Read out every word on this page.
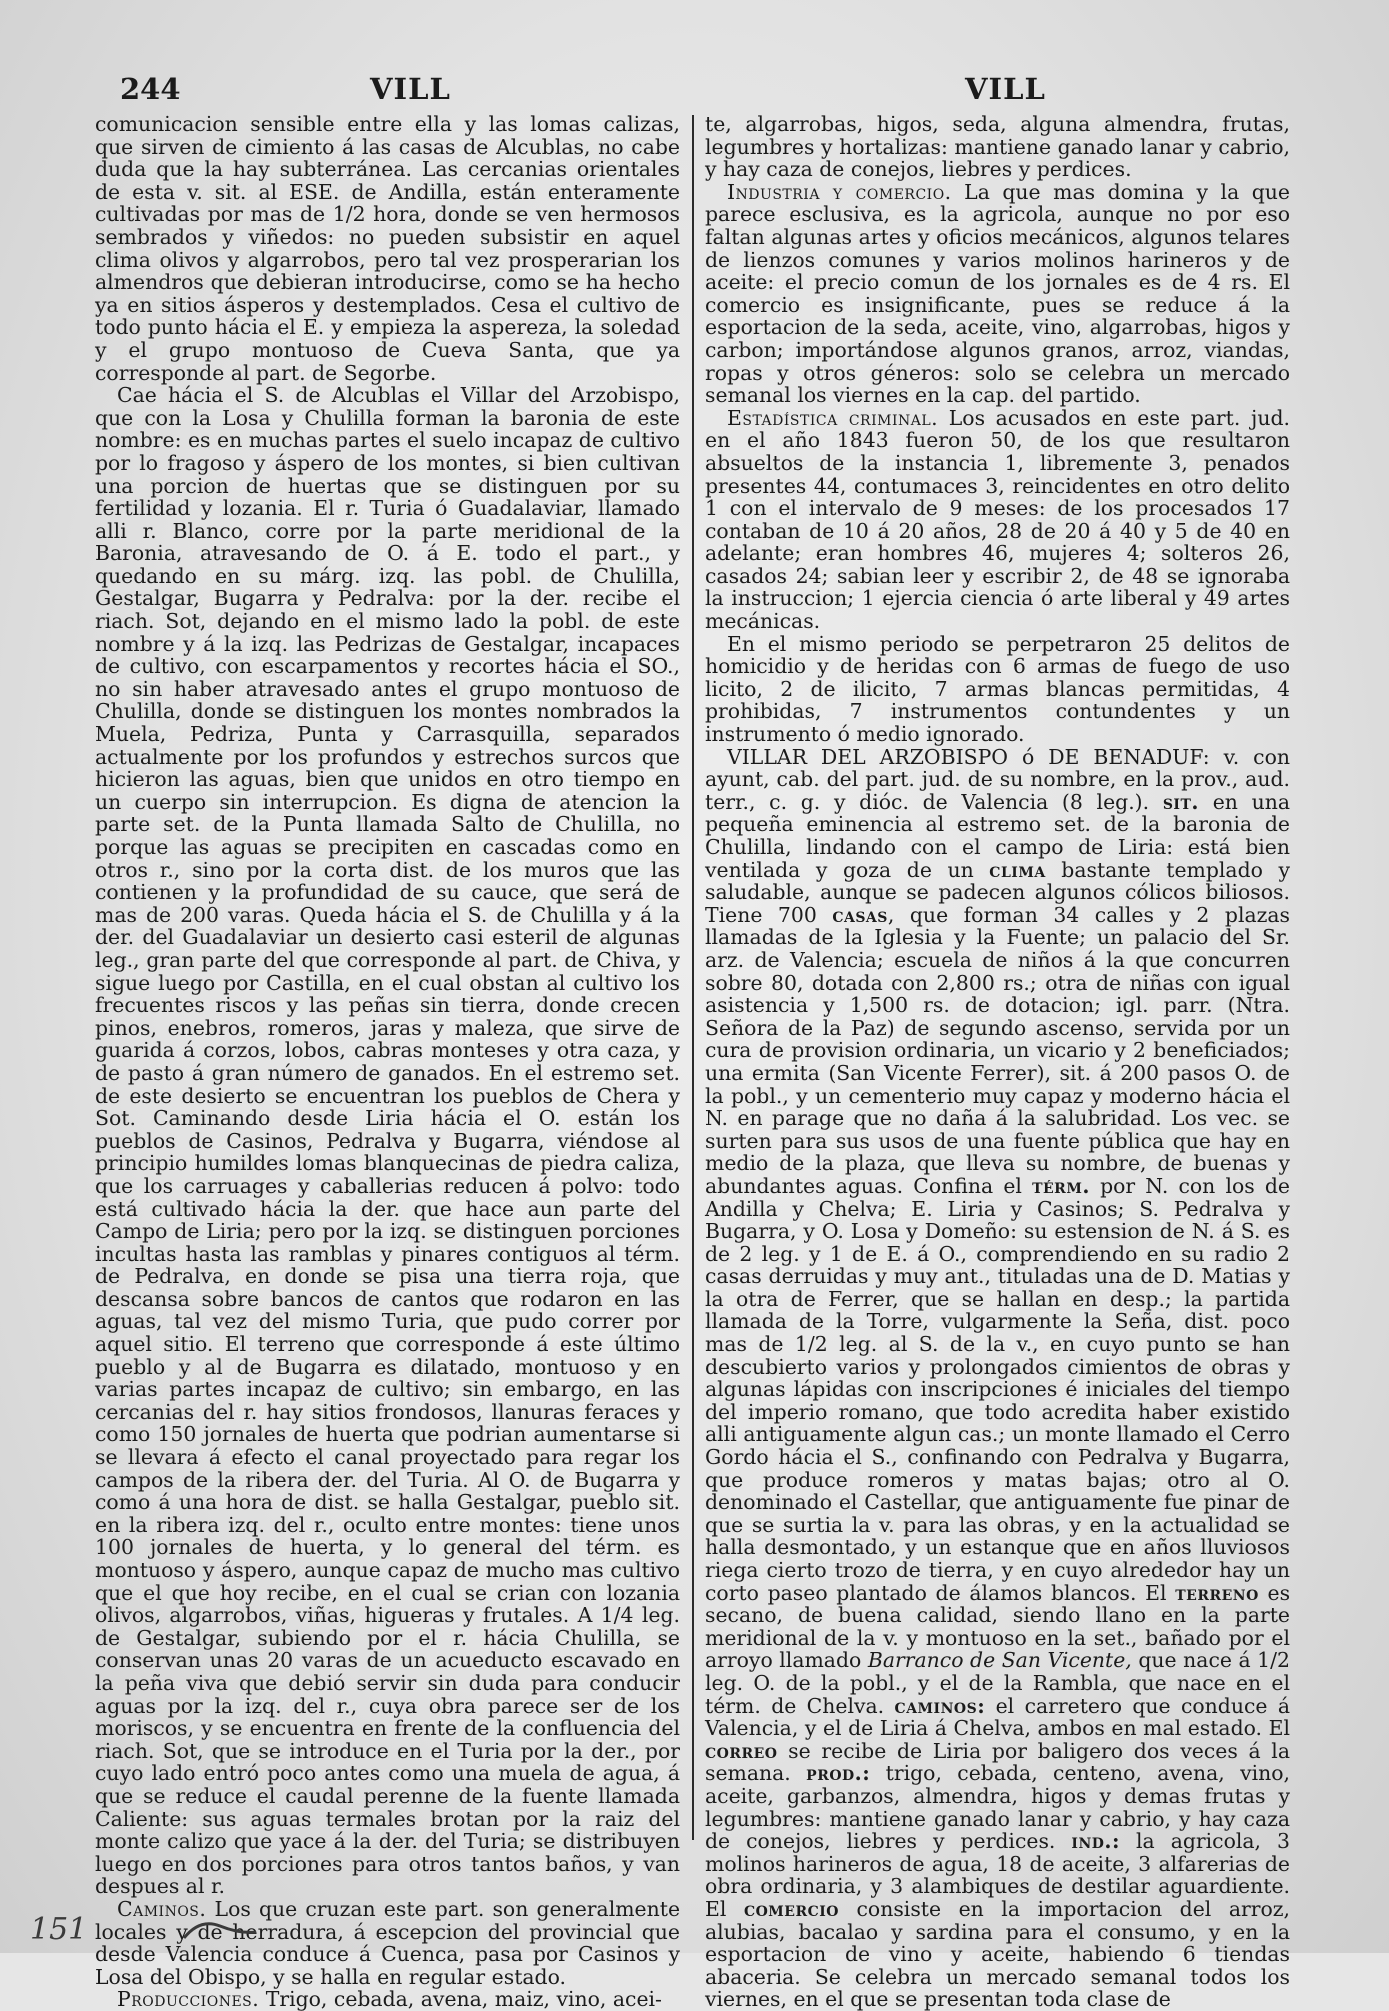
244	VILL	VILL

comunicacion sensible entre ella y las lomas calizas, que sirven de cimiento á las casas de Alcublas, no cabe duda que la hay subterránea. Las cercanias orientales de esta v. sit. al ESE. de Andilla, están enteramente cultivadas por mas de 1/2 hora, donde se ven hermosos sembrados y viñedos: no pueden subsistir en aquel clima olivos y algarrobos, pero tal vez prosperarian los almendros que debieran introducirse, como se ha hecho ya en sitios ásperos y destemplados. Cesa el cultivo de todo punto hácia el E. y empieza la aspereza, la soledad y el grupo montuoso de Cueva Santa, que ya corresponde al part. de Segorbe.

Cae hácia el S. de Alcublas el Villar del Arzobispo, que con la Losa y Chulilla forman la baronia de este nombre: es en muchas partes el suelo incapaz de cultivo por lo fragoso y áspero de los montes, si bien cultivan una porcion de huertas que se distinguen por su fertilidad y lozania. El r. Turia ó Guadalaviar, llamado alli r. Blanco, corre por la parte meridional de la Baronia, atravesando de O. á E. todo el part., y quedando en su márg. izq. las pobl. de Chulilla, Gestalgar, Bugarra y Pedralva: por la der. recibe el riach. Sot, dejando en el mismo lado la pobl. de este nombre y á la izq. las Pedrizas de Gestalgar, incapaces de cultivo, con escarpamentos y recortes hácia el SO., no sin haber atravesado antes el grupo montuoso de Chulilla, donde se distinguen los montes nombrados la Muela, Pedriza, Punta y Carrasquilla, separados actualmente por los profundos y estrechos surcos que hicieron las aguas, bien que unidos en otro tiempo en un cuerpo sin interrupcion. Es digna de atencion la parte set. de la Punta llamada Salto de Chulilla, no porque las aguas se precipiten en cascadas como en otros r., sino por la corta dist. de los muros que las contienen y la profundidad de su cauce, que será de mas de 200 varas. Queda hácia el S. de Chulilla y á la der. del Guadalaviar un desierto casi esteril de algunas leg., gran parte del que corresponde al part. de Chiva, y sigue luego por Castilla, en el cual obstan al cultivo los frecuentes riscos y las peñas sin tierra, donde crecen pinos, enebros, romeros, jaras y maleza, que sirve de guarida á corzos, lobos, cabras monteses y otra caza, y de pasto á gran número de ganados. En el estremo set. de este desierto se encuentran los pueblos de Chera y Sot. Caminando desde Liria hácia el O. están los pueblos de Casinos, Pedralva y Bugarra, viéndose al principio humildes lomas blanquecinas de piedra caliza, que los carruages y caballerias reducen á polvo: todo está cultivado hácia la der. que hace aun parte del Campo de Liria; pero por la izq. se distinguen porciones incultas hasta las ramblas y pinares contiguos al térm. de Pedralva, en donde se pisa una tierra roja, que descansa sobre bancos de cantos que rodaron en las aguas, tal vez del mismo Turia, que pudo correr por aquel sitio. El terreno que corresponde á este último pueblo y al de Bugarra es dilatado, montuoso y en varias partes incapaz de cultivo; sin embargo, en las cercanias del r. hay sitios frondosos, llanuras feraces y como 150 jornales de huerta que podrian aumentarse si se llevara á efecto el canal proyectado para regar los campos de la ribera der. del Turia. Al O. de Bugarra y como á una hora de dist. se halla Gestalgar, pueblo sit. en la ribera izq. del r., oculto entre montes: tiene unos 100 jornales de huerta, y lo general del térm. es montuoso y áspero, aunque capaz de mucho mas cultivo que el que hoy recibe, en el cual se crian con lozania olivos, algarrobos, viñas, higueras y frutales. A 1/4 leg. de Gestalgar, subiendo por el r. hácia Chulilla, se conservan unas 20 varas de un acueducto escavado en la peña viva que debió servir sin duda para conducir aguas por la izq. del r., cuya obra parece ser de los moriscos, y se encuentra en frente de la confluencia del riach. Sot, que se introduce en el Turia por la der., por cuyo lado entró poco antes como una muela de agua, á que se reduce el caudal perenne de la fuente llamada Caliente: sus aguas termales brotan por la raiz del monte calizo que yace á la der. del Turia; se distribuyen luego en dos porciones para otros tantos baños, y van despues al r.

Caminos. Los que cruzan este part. son generalmente locales y de herradura, á escepcion del provincial que desde Valencia conduce á Cuenca, pasa por Casinos y Losa del Obispo, y se halla en regular estado.

Producciones. Trigo, cebada, avena, maiz, vino, acei-

te, algarrobas, higos, seda, alguna almendra, frutas, legumbres y hortalizas: mantiene ganado lanar y cabrio, y hay caza de conejos, liebres y perdices.

Industria y comercio. La que mas domina y la que parece esclusiva, es la agricola, aunque no por eso faltan algunas artes y oficios mecánicos, algunos telares de lienzos comunes y varios molinos harineros y de aceite: el precio comun de los jornales es de 4 rs. El comercio es insignificante, pues se reduce á la esportacion de la seda, aceite, vino, algarrobas, higos y carbon; importándose algunos granos, arroz, viandas, ropas y otros géneros: solo se celebra un mercado semanal los viernes en la cap. del partido.

Estadística criminal. Los acusados en este part. jud. en el año 1843 fueron 50, de los que resultaron absueltos de la instancia 1, libremente 3, penados presentes 44, contumaces 3, reincidentes en otro delito 1 con el intervalo de 9 meses: de los procesados 17 contaban de 10 á 20 años, 28 de 20 á 40 y 5 de 40 en adelante; eran hombres 46, mujeres 4; solteros 26, casados 24; sabian leer y escribir 2, de 48 se ignoraba la instruccion; 1 ejercia ciencia ó arte liberal y 49 artes mecánicas.

En el mismo periodo se perpetraron 25 delitos de homicidio y de heridas con 6 armas de fuego de uso licito, 2 de ilicito, 7 armas blancas permitidas, 4 prohibidas, 7 instrumentos contundentes y un instrumento ó medio ignorado.

VILLAR DEL ARZOBISPO ó DE BENADUF: v. con ayunt, cab. del part. jud. de su nombre, en la prov., aud. terr., c. g. y dióc. de Valencia (8 leg.). sit. en una pequeña eminencia al estremo set. de la baronia de Chulilla, lindando con el campo de Liria: está bien ventilada y goza de un clima bastante templado y saludable, aunque se padecen algunos cólicos biliosos. Tiene 700 casas, que forman 34 calles y 2 plazas llamadas de la Iglesia y la Fuente; un palacio del Sr. arz. de Valencia; escuela de niños á la que concurren sobre 80, dotada con 2,800 rs.; otra de niñas con igual asistencia y 1,500 rs. de dotacion; igl. parr. (Ntra. Señora de la Paz) de segundo ascenso, servida por un cura de provision ordinaria, un vicario y 2 beneficiados; una ermita (San Vicente Ferrer), sit. á 200 pasos O. de la pobl., y un cementerio muy capaz y moderno hácia el N. en parage que no daña á la salubridad. Los vec. se surten para sus usos de una fuente pública que hay en medio de la plaza, que lleva su nombre, de buenas y abundantes aguas. Confina el térm. por N. con los de Andilla y Chelva; E. Liria y Casinos; S. Pedralva y Bugarra, y O. Losa y Domeño: su estension de N. á S. es de 2 leg. y 1 de E. á O., comprendiendo en su radio 2 casas derruidas y muy ant., tituladas una de D. Matias y la otra de Ferrer, que se hallan en desp.; la partida llamada de la Torre, vulgarmente la Seña, dist. poco mas de 1/2 leg. al S. de la v., en cuyo punto se han descubierto varios y prolongados cimientos de obras y algunas lápidas con inscripciones é iniciales del tiempo del imperio romano, que todo acredita haber existido alli antiguamente algun cas.; un monte llamado el Cerro Gordo hácia el S., confinando con Pedralva y Bugarra, que produce romeros y matas bajas; otro al O. denominado el Castellar, que antiguamente fue pinar de que se surtia la v. para las obras, y en la actualidad se halla desmontado, y un estanque que en años lluviosos riega cierto trozo de tierra, y en cuyo alrededor hay un corto paseo plantado de álamos blancos. El terreno es secano, de buena calidad, siendo llano en la parte meridional de la v. y montuoso en la set., bañado por el arroyo llamado Barranco de San Vicente, que nace á 1/2 leg. O. de la pobl., y el de la Rambla, que nace en el térm. de Chelva. caminos: el carretero que conduce á Valencia, y el de Liria á Chelva, ambos en mal estado. El correo se recibe de Liria por baligero dos veces á la semana. prod.: trigo, cebada, centeno, avena, vino, aceite, garbanzos, almendra, higos y demas frutas y legumbres: mantiene ganado lanar y cabrio, y hay caza de conejos, liebres y perdices. ind.: la agricola, 3 molinos harineros de agua, 18 de aceite, 3 alfarerias de obra ordinaria, y 3 alambiques de destilar aguardiente. El comercio consiste en la importacion del arroz, alubias, bacalao y sardina para el consumo, y en la esportacion de vino y aceite, habiendo 6 tiendas abaceria. Se celebra un mercado semanal todos los viernes, en el que se presentan toda clase de

151
